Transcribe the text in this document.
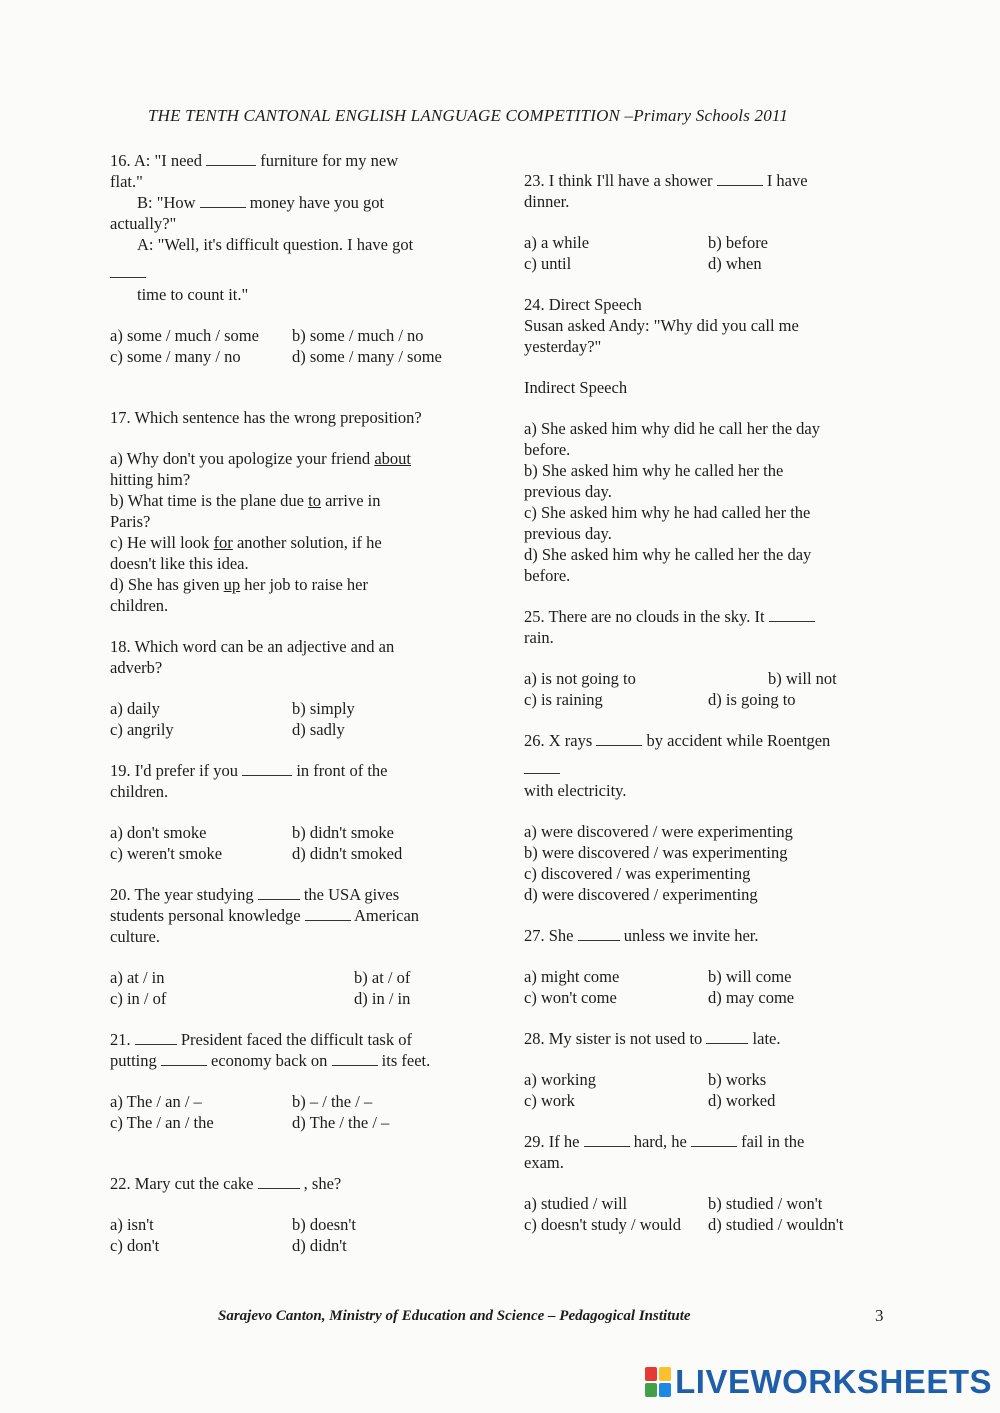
THE TENTH CANTONAL ENGLISH LANGUAGE COMPETITION –Primary Schools 2011

16. A: "I need	furniture for my new

flat."

B: "How	money have you got

actually?"

A: "Well, it's difficult question. I have got

time to count it."

a) some / much / some	b) some / much / no
c) some / many / no	d) some / many / some

17. Which sentence has the wrong preposition?

a) Why don't you apologize your friend about

hitting him?

b) What time is the plane due to arrive in

Paris?

c) He will look for another solution, if he

doesn't like this idea.

d) She has given up her job to raise her

children.

18. Which word can be an adjective and an

adverb?

a) daily	b) simply
c) angrily	d) sadly

19. I'd prefer if you	in front of the

children.

a) don't smoke	b) didn't smoke
c) weren't smoke	d) didn't smoked

20. The year studying	the USA gives

students personal knowledge	American

culture.

a) at / in	b) at / of
c) in / of	d) in / in

21.	President faced the difficult task of

putting	economy back on	its feet.

a) The / an / –	b) – / the / –
c) The / an / the	d) The / the / –

22. Mary cut the cake	, she?

a) isn't	b) doesn't
c) don't	d) didn't

23. I think I'll have a shower	I have

dinner.

a) a while	b) before
c) until	d) when

24. Direct Speech

Susan asked Andy: "Why did you call me

yesterday?"

Indirect Speech

a) She asked him why did he call her the day

before.

b) She asked him why he called her the

previous day.

c) She asked him why he had called her the

previous day.

d) She asked him why he called her the day

before.

25. There are no clouds in the sky. It

rain.

a) is not going to	b) will not
c) is raining	d) is going to

26. X rays	by accident while Roentgen

with electricity.

a) were discovered / were experimenting

b) were discovered / was experimenting

c) discovered / was experimenting

d) were discovered / experimenting

27. She	unless we invite her.

a) might come	b) will come
c) won't come	d) may come

28. My sister is not used to	late.

a) working	b) works
c) work	d) worked

29. If he	hard, he	fail in the

exam.

a) studied / will	b) studied / won't
c) doesn't study / would	d) studied / wouldn't
Sarajevo Canton, Ministry of Education and Science – Pedagogical Institute	3
LIVEWORKSHEETS
